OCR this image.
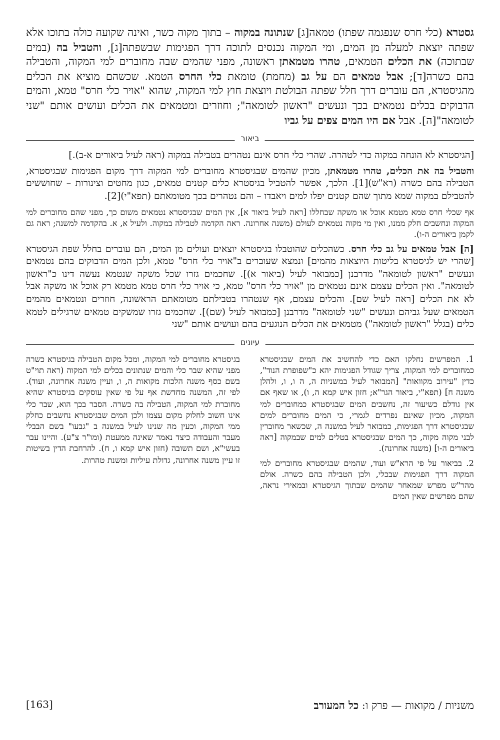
גסטרא (כלי חרס שנפגמה שפתו) טמאה[ג] שנתונה במקוה – בתוך מקוה כשר, ואינה שקועה כולה בתוכו אלא שפתה יוצאת למעלה מן המים, ומי המקוה נכנסים לתוכה דרך הפגימות שבשפתה[ג], והטביל בה (במים שבתוכה) את הכלים הטמאים, טהרו מטמאתן ראשונה, מפני שהמים שבה מחוברים למי המקוה, והטבילה בהם כשרה[ד]; אבל טמאים הם על גב (מחמת) טומאת כלי החרס הטמא. שכשהם מוציא את הכלים מהגיסטרא, הם עוברים דרך חלל שפתה הבולטת ויוצאת חוץ למי המקוה, שהוא "אויר כלי חרס" טמא, והמים הדבוקים בכלים נטמאים בכך ונעשים "ראשון לטומאה"; וחוזרים ומטמאים את הכלים ועושים אותם "שני לטומאה"[ה]. אבל אם היו המים צפים על גביו

ביאור

[הגיסטרא לא הונחה במקוה כדי לטהרה. שהרי כלי חרס אינם נטהרים בטבילה במקוה (ראה לעיל ביאורים א-ב).]

והטביל בה את הכלים, טהרו מטמאתן, מכיון שהמים שבגיסטרא מחוברים למי המקוה דרך מקום הפגימות שבגיסטרא, הטבילה בהם כשרה (רא"ש)[1]. הלכך, אפשר להטביל בגיסטרא כלים קטנים טמאים, כגון מחטים וצינורות – שחוששים להטבילם במקוה שמא מתוך שהם קטנים יפלו למים ויאבדו – והם נטהרים בכך מטומאתם (תפא"י)[2].

אף שכלי חרס טמא מטמא אוכל או משקה שבחללו [ראה לעיל ביאור א], אין המים שבגיסטרא נטמאים משום כך, מפני שהם מחוברים למי המקוה ונחשבים חלק ממנו, ואין מי מקוה נטמאים לעולם (משנה אחרונה. ראה הקדמה לטבילה במקוה. ולעיל א, א. בהקדמה למשנה; ראה גם לקמן ביאורים ה-ו).

[ה] אבל טמאים על גב כלי חרס. כשהכלים שהוטבלו בגיסטרא יוצאים ועולים מן המים, הם עוברים בחלל שפת הגיסטרא [שהרי יש לגיסטרא בליטות היוצאות מהמים] ונמצא שעוברים ב"אויר כלי חרס" טמא, ולכן המים הדבוקים בהם נטמאים ונעשים "ראשון לטומאה" מדרבנן [כמבואר לעיל (ביאור א)]. שחכמים גזרו שכל משקה שנטמא נעשה דינו כ"ראשון לטומאה". ואין הכלים עצמם אינם נטמאים מן "אויר כלי חרס" טמא, כי אויר כלי חרס טמא מטמא רק אוכל או משקה אבל לא את הכלים [ראה לעיל שם]. והכלים עצמם, אף שנטהרו בטבילתם מטומאתם הראשונה, חוזרים ונטמאים מהמים הטמאים שעל גביהם ונעשים "שני לטומאה" מדרבנן [כמבואר לעיל (שם)]. שחכמים גזרו שמשקים טמאים שרגילים לטמא כלים (בגלל "ראשון לטומאה") מטמאים את הכלים הנוגעים בהם ועושים אותם "שני

עיונים

1. המפרשים נחלקו האם כדי להחשיב את המים שבגיסטרא כמחוברים למי המקוה, צריך שגודל הפגימות יהא כ"שפופרת הנוד", כדין "עירוב מקוואות" [המבואר לעיל במשניות ה, ה ו, ו, ולהלן משנה ח] (תפא"י, ביאור הגר"א; חזון איש קמא ה, ו), או שאף אם אין גודלם כשיעור זה, נחשבים המים שבגיסטרא כמחוברים למי המקוה, מכיון שאינם נפרדים לגמרי, כי המים מחוברים למים שבגיסטרא דרך הפגימות, כמבואר לעיל במשנה ה, שכשאר מחוברין לבני מקוה מקוה, כך המים שבגיסטרא בטלים למים שבמקוה [ראה ביאורים ה-ו] (משנה אחרונה).

2. בביאור על פי הרא"ש ועוד, שהמים שבגיסטרא מחוברים למי המקוה דרך הפגימות שבכלי, ולכן הטבילה בהם כשרה. אולם מהר"ש מפרש שמאחר שהמים שבתוך הגיסטרא ובמאירי נראה, שהם מפרשים שאין המים

בגיסטרא מחוברים למי המקוה, ומכל מקום הטבילה בגיסטרא כשרה מפני שהיא שבר כלי והמים שנתונים בכלים למי המקוה (ראה תוי"ט בשם כסף משנה הלכות מקואות ה, ו, ועיין משנה אחרונה, ועוד). לפי זה, המשנה מחדשת אף על פי שאין עוסקים בגיסטרא שהיא מחוברת למי המקוה, הטבילה בה כשרה. הסבר בכך הוא, שבר כלי אינו חשוב לחלוק מקום עצמו ולכן המים שבגיסטרא נחשבים כחלק ממי המקוה, וכעין מה שנינו לעיל במשנה ב "גבעו" בשם הבבלי מעבר והעבודה כיצד נאמר שאינה ממעטת (ומו"ר צ"ע). והיינו עבר בעשי"א, ושם תשובה (חזון איש קמא ו, ח). להרחבת הדין בשיטות זו עיין משנה אחרונה, גדולת עיליות ומשנת טהרות.

משניות / מקואות — פרק ו: כל המעורב
[163]
